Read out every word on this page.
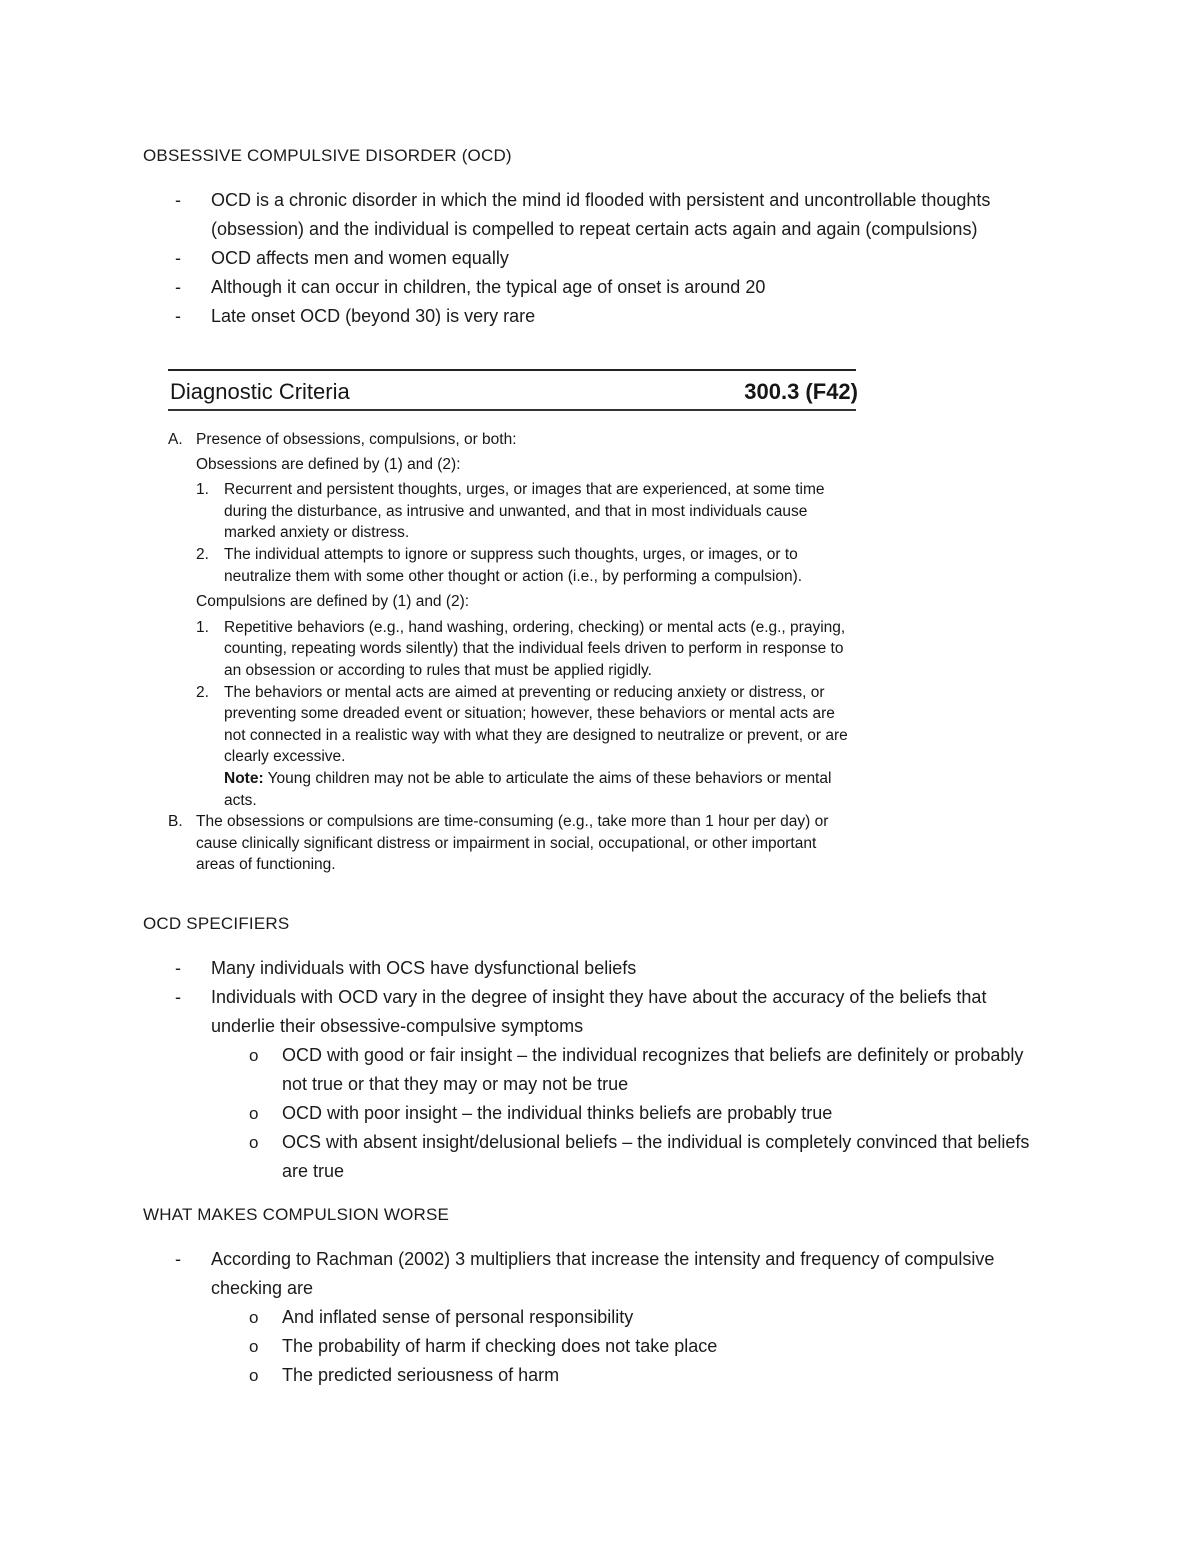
OBSESSIVE COMPULSIVE DISORDER (OCD)
- OCD is a chronic disorder in which the mind id flooded with persistent and uncontrollable thoughts (obsession) and the individual is compelled to repeat certain acts again and again (compulsions)
- OCD affects men and women equally
- Although it can occur in children, the typical age of onset is around 20
- Late onset OCD (beyond 30) is very rare
Diagnostic Criteria	300.3 (F42)
A. Presence of obsessions, compulsions, or both:
Obsessions are defined by (1) and (2):
1. Recurrent and persistent thoughts, urges, or images that are experienced, at some time during the disturbance, as intrusive and unwanted, and that in most individuals cause marked anxiety or distress.
2. The individual attempts to ignore or suppress such thoughts, urges, or images, or to neutralize them with some other thought or action (i.e., by performing a compulsion).
Compulsions are defined by (1) and (2):
1. Repetitive behaviors (e.g., hand washing, ordering, checking) or mental acts (e.g., praying, counting, repeating words silently) that the individual feels driven to perform in response to an obsession or according to rules that must be applied rigidly.
2. The behaviors or mental acts are aimed at preventing or reducing anxiety or distress, or preventing some dreaded event or situation; however, these behaviors or mental acts are not connected in a realistic way with what they are designed to neutralize or prevent, or are clearly excessive.
Note: Young children may not be able to articulate the aims of these behaviors or mental acts.
B. The obsessions or compulsions are time-consuming (e.g., take more than 1 hour per day) or cause clinically significant distress or impairment in social, occupational, or other important areas of functioning.
OCD SPECIFIERS
- Many individuals with OCS have dysfunctional beliefs
- Individuals with OCD vary in the degree of insight they have about the accuracy of the beliefs that underlie their obsessive-compulsive symptoms
o OCD with good or fair insight – the individual recognizes that beliefs are definitely or probably not true or that they may or may not be true
o OCD with poor insight – the individual thinks beliefs are probably true
o OCS with absent insight/delusional beliefs – the individual is completely convinced that beliefs are true
WHAT MAKES COMPULSION WORSE
- According to Rachman (2002) 3 multipliers that increase the intensity and frequency of compulsive checking are
o And inflated sense of personal responsibility
o The probability of harm if checking does not take place
o The predicted seriousness of harm
